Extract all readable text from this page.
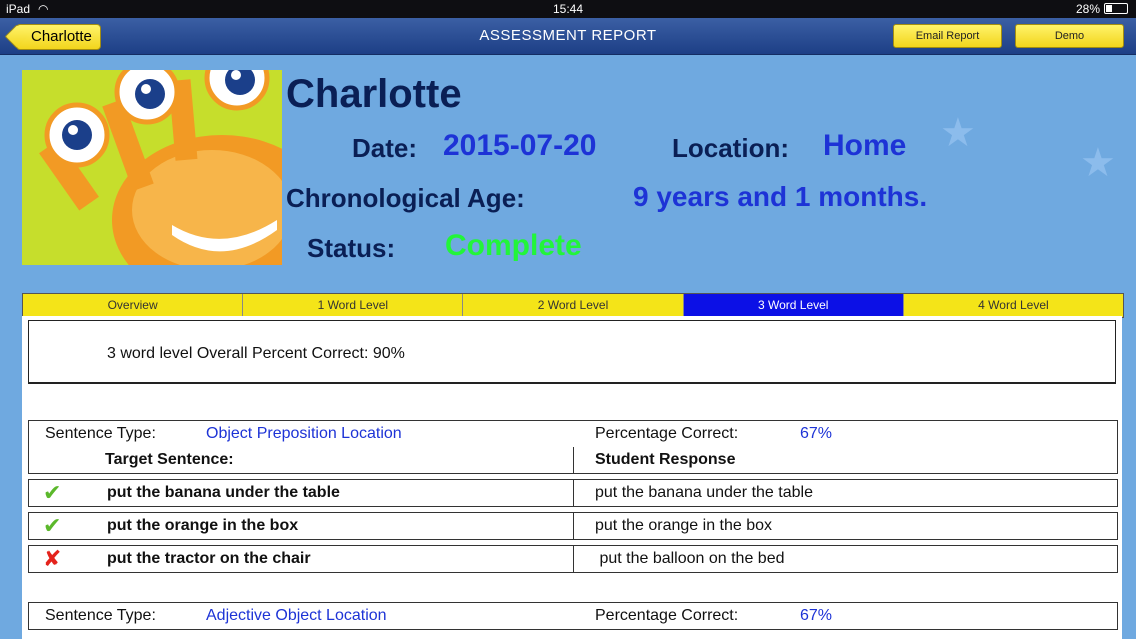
★
★
iPad ◠	15:44	28%
Charlotte	ASSESSMENT REPORT	Email Report	Demo
Charlotte
Date: 2015-07-20	Location: Home
Chronological Age:	9 years and 1 months.
Status: Complete
Overview	1 Word Level	2 Word Level	3 Word Level	4 Word Level
3 word level Overall Percent Correct: 90%
Sentence Type:	Object Preposition Location	Percentage Correct:	67%
Target Sentence:	Student Response
✔	put the banana under the table	put the banana under the table
✔	put the orange in the box	put the orange in the box
✘	put the tractor on the chair	put the balloon on the bed
Sentence Type:	Adjective Object Location	Percentage Correct:	67%
